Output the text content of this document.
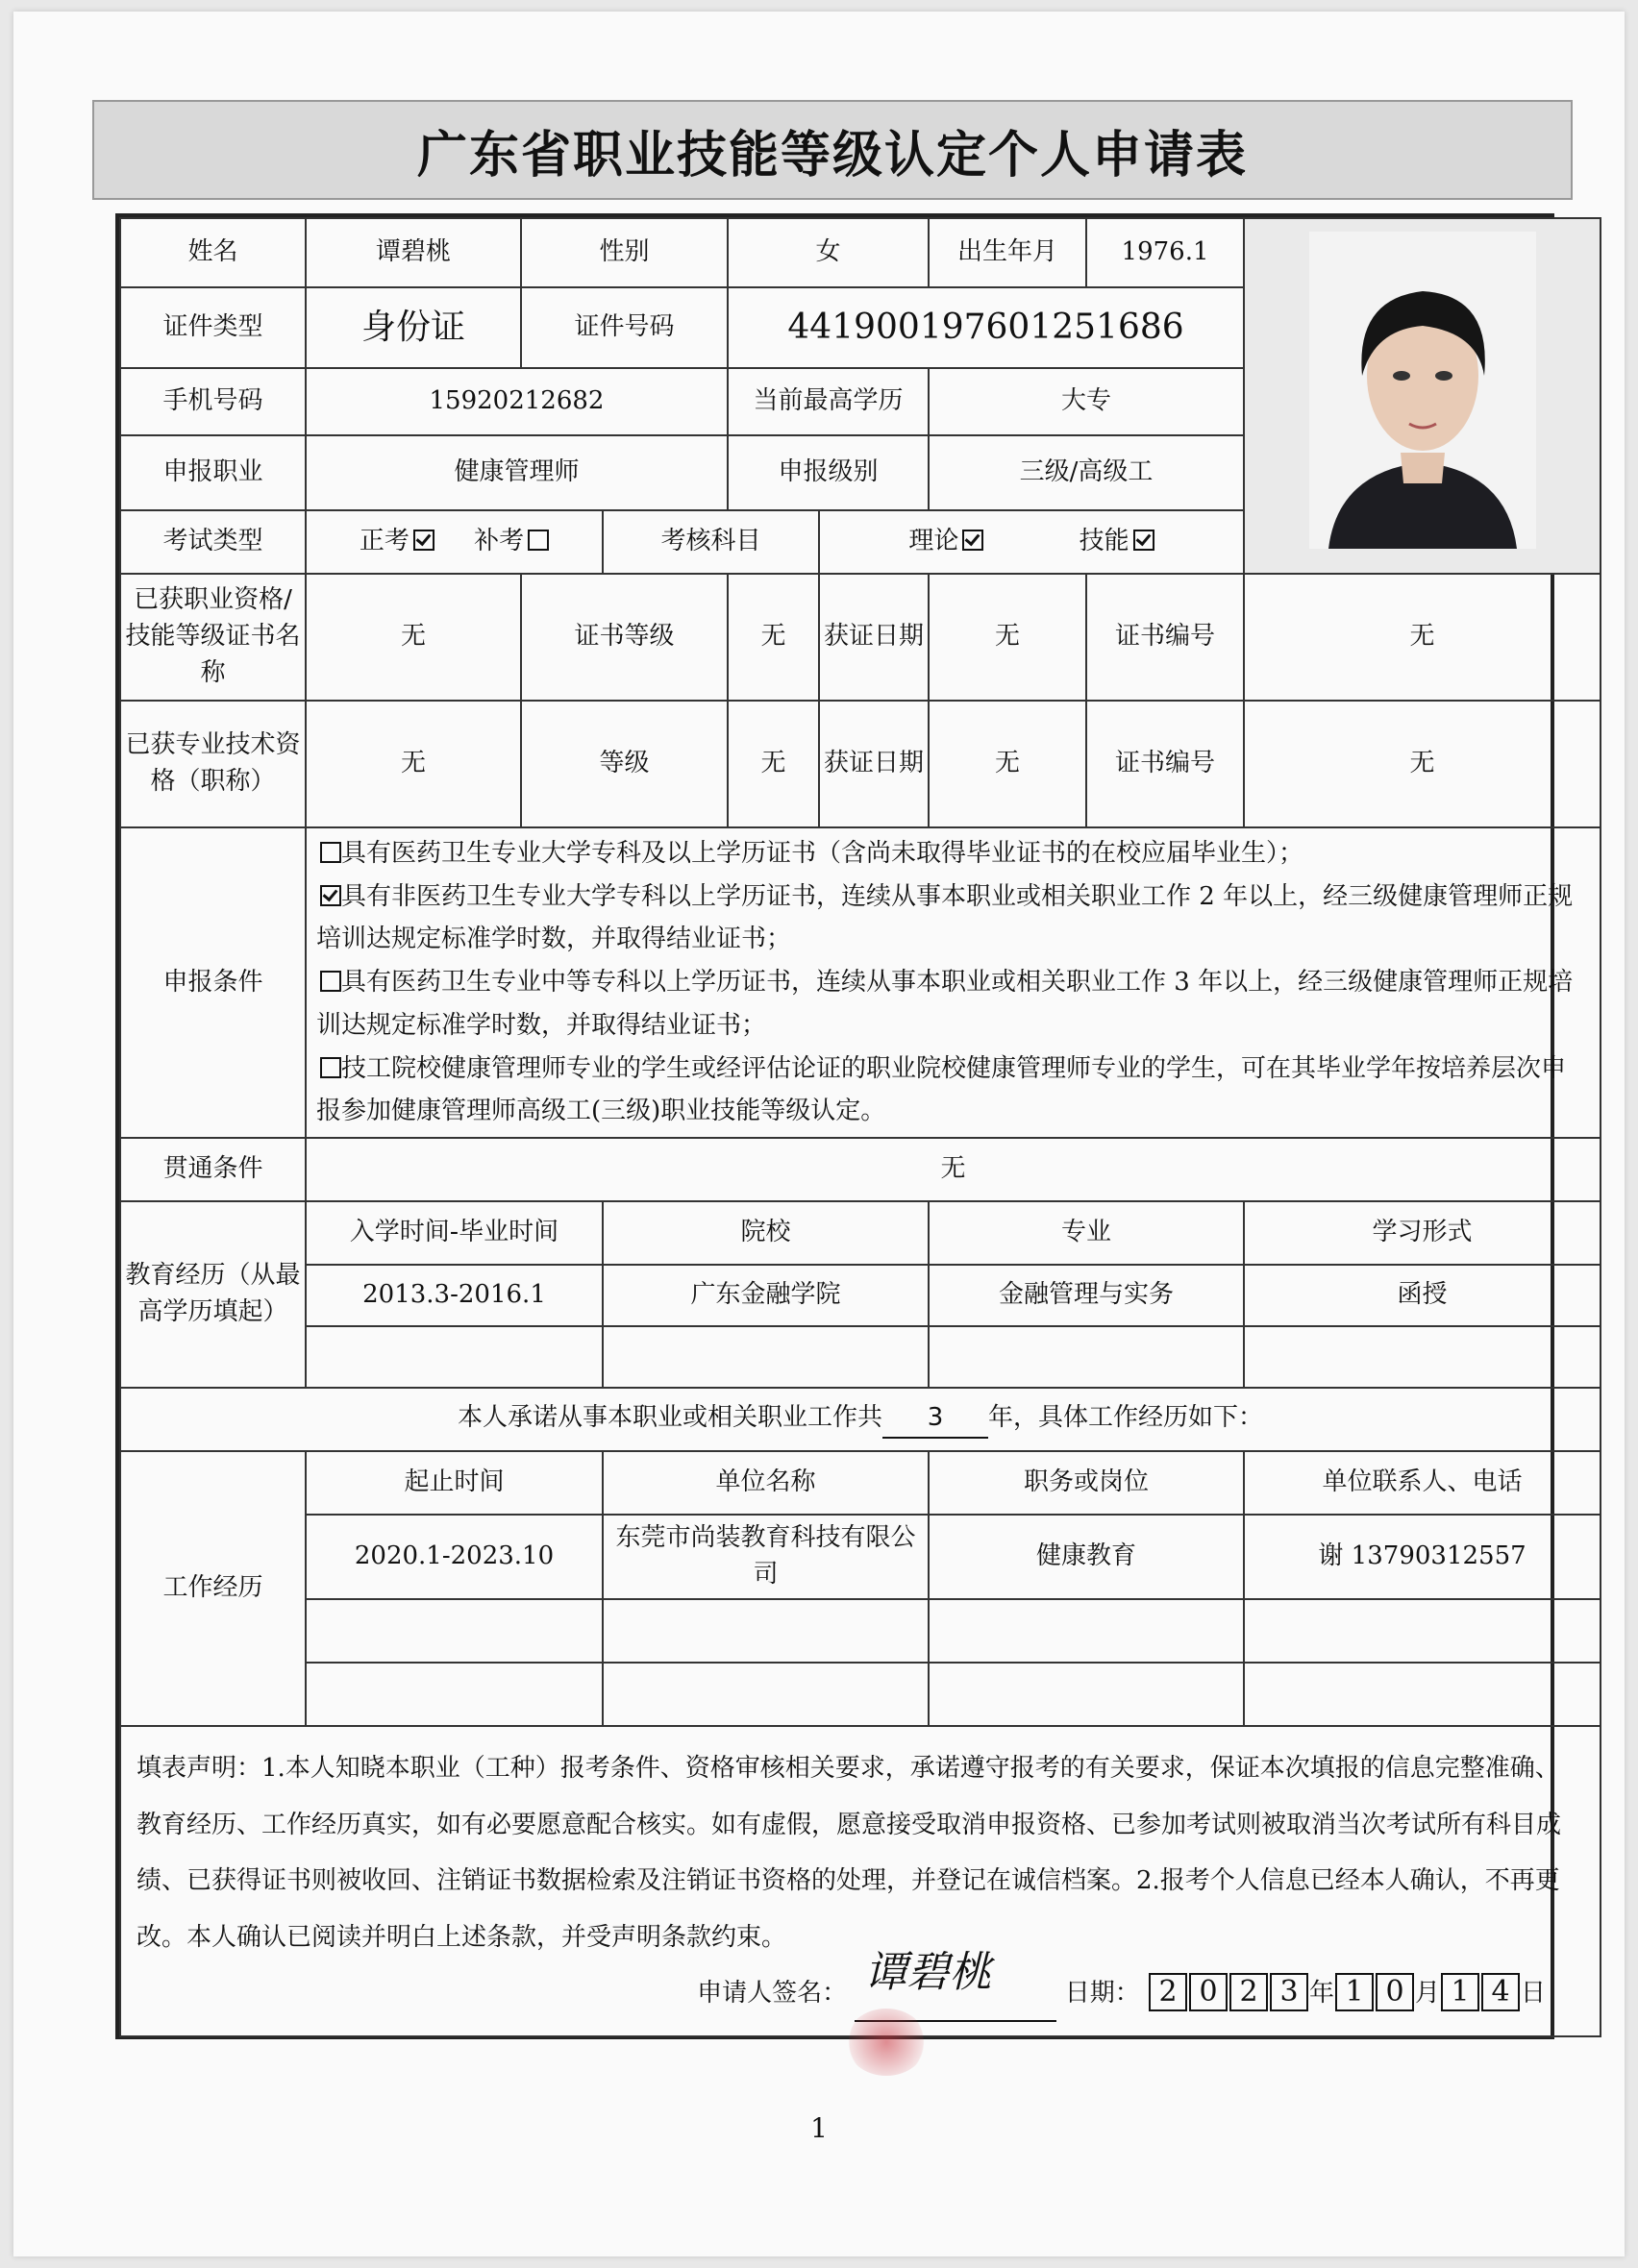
广东省职业技能等级认定个人申请表
姓名	谭碧桃	性别		女		出生年月	1976.1	
证件类型	身份证	证件号码		441900197601251686				
手机号码	15920212682			当前最高学历		大专		
申报职业	健康管理师			申报级别		三级/高级工		
考试类型	正考 补考		考核科目		理论 技能			
已获职业资格/技能等级证书名称	无	证书等级		无	获证日期	无	证书编号	无
已获专业技术资格（职称）	无	等级		无	获证日期	无	证书编号	无
申报条件	具有医药卫生专业大学专科及以上学历证书（含尚未取得毕业证书的在校应届毕业生）；
具有非医药卫生专业大学专科以上学历证书，连续从事本职业或相关职业工作 2 年以上，经三级健康管理师正规培训达规定标准学时数，并取得结业证书；
具有医药卫生专业中等专科以上学历证书，连续从事本职业或相关职业工作 3 年以上，经三级健康管理师正规培训达规定标准学时数，并取得结业证书；
技工院校健康管理师专业的学生或经评估论证的职业院校健康管理师专业的学生，可在其毕业学年按培养层次申报参加健康管理师高级工(三级)职业技能等级认定。							

贯通条件	无							
教育经历（从最高学历填起）	入学时间-毕业时间		院校			专业		学习形式
	2013.3-2016.1		广东金融学院			金融管理与实务		函授

本人承诺从事本职业或相关职业工作共 3 年，具体工作经历如下：								
工作经历	起止时间		单位名称			职务或岗位		单位联系人、电话
	2020.1-2023.10		东莞市尚装教育科技有限公司			健康教育		谢 13790312557

填表声明：1.本人知晓本职业（工种）报考条件、资格审核相关要求，承诺遵守报考的有关要求，保证本次填报的信息完整准确、教育经历、工作经历真实，如有必要愿意配合核实。如有虚假，愿意接受取消申报资格、已参加考试则被取消当次考试所有科目成绩、已获得证书则被收回、注销证书数据检索及注销证书资格的处理，并登记在诚信档案。2.报考个人信息已经本人确认，不再更改。本人确认已阅读并明白上述条款，并受声明条款约束。
申请人签名： 谭碧桃 日期： 2 0 2 3 年 1 0 月 1 4 日								
1
